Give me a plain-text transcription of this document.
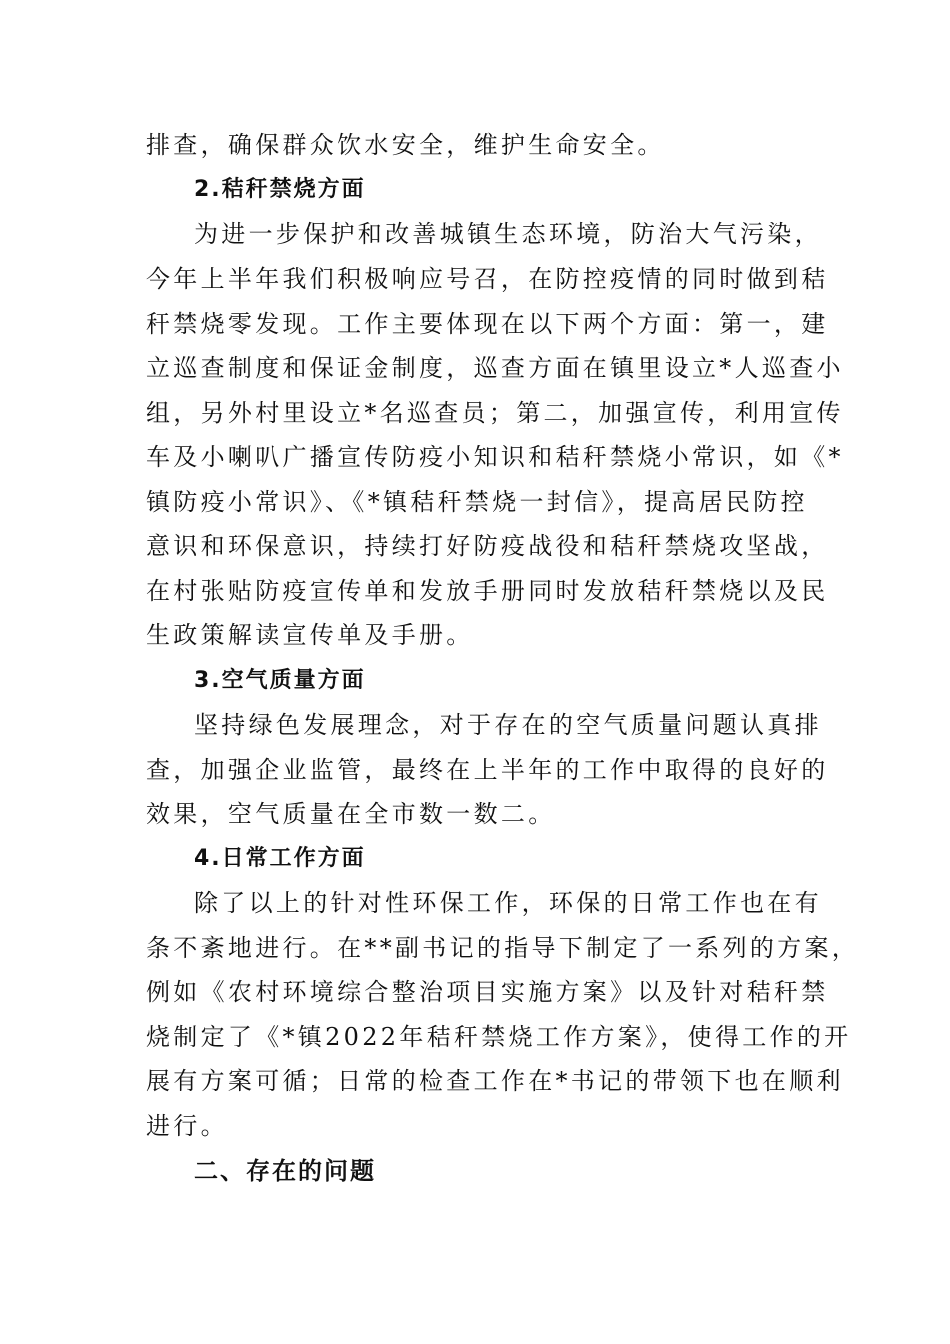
排查，确保群众饮水安全，维护生命安全。
2.秸秆禁烧方面
为进一步保护和改善城镇生态环境，防治大气污染，
今年上半年我们积极响应号召，在防控疫情的同时做到秸
秆禁烧零发现。工作主要体现在以下两个方面：第一，建
立巡查制度和保证金制度，巡查方面在镇里设立*人巡查小
组，另外村里设立*名巡查员；第二，加强宣传，利用宣传
车及小喇叭广播宣传防疫小知识和秸秆禁烧小常识，如《*
镇防疫小常识》、《*镇秸秆禁烧一封信》，提高居民防控
意识和环保意识，持续打好防疫战役和秸秆禁烧攻坚战，
在村张贴防疫宣传单和发放手册同时发放秸秆禁烧以及民
生政策解读宣传单及手册。
3.空气质量方面
坚持绿色发展理念，对于存在的空气质量问题认真排
查，加强企业监管，最终在上半年的工作中取得的良好的
效果，空气质量在全市数一数二。
4.日常工作方面
除了以上的针对性环保工作，环保的日常工作也在有
条不紊地进行。在**副书记的指导下制定了一系列的方案，
例如《农村环境综合整治项目实施方案》以及针对秸秆禁
烧制定了《*镇2022年秸秆禁烧工作方案》，使得工作的开
展有方案可循；日常的检查工作在*书记的带领下也在顺利
进行。
二、存在的问题
